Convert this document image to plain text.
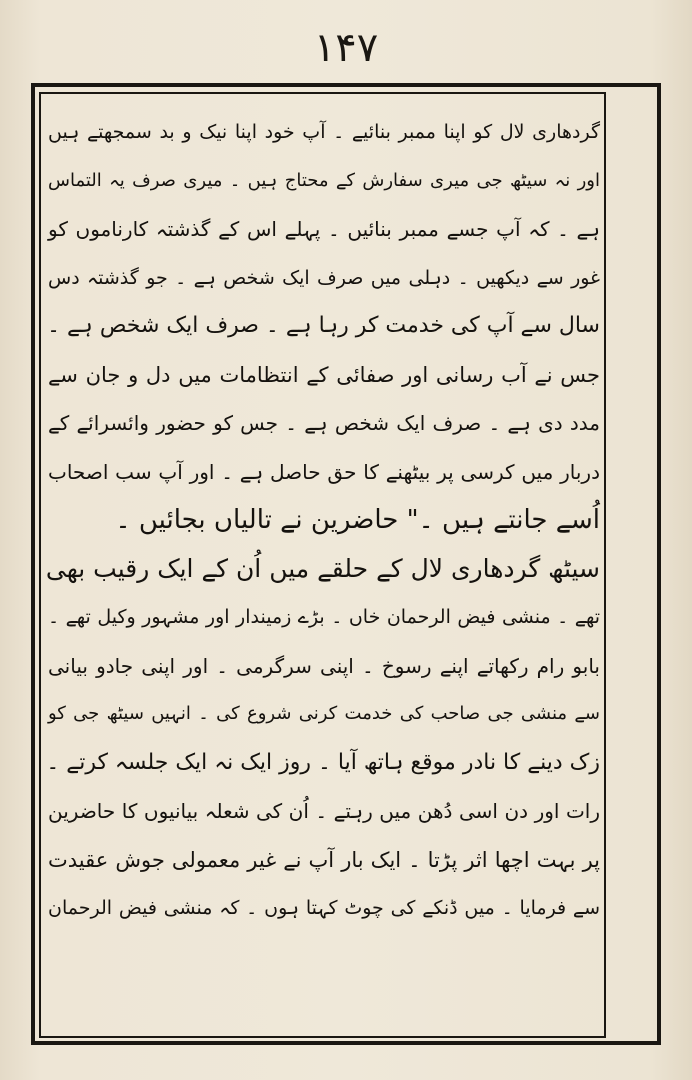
۱۴۷
گردھاری لال کو اپنا ممبر بنائیے ۔ آپ خود اپنا نیک و بد سمجھتے ہیں
اور نہ سیٹھ جی میری سفارش کے محتاج ہیں ۔ میری صرف یہ التماس
ہے ۔ کہ آپ جسے ممبر بنائیں ۔ پہلے اس کے گذشتہ کارناموں کو
غور سے دیکھیں ۔ دہلی میں صرف ایک شخص ہے ۔ جو گذشتہ دس
سال سے آپ کی خدمت کر رہا ہے ۔ صرف ایک شخص ہے ۔
جس نے آب رسانی اور صفائی کے انتظامات میں دل و جان سے
مدد دی ہے ۔ صرف ایک شخص ہے ۔ جس کو حضور وائسرائے کے
دربار میں کرسی پر بیٹھنے کا حق حاصل ہے ۔ اور آپ سب اصحاب
اُسے جانتے ہیں ۔" حاضرین نے تالیاں بجائیں ۔
سیٹھ گردھاری لال کے حلقے میں اُن کے ایک رقیب بھی
تھے ۔ منشی فیض الرحمان خاں ۔ بڑے زمیندار اور مشہور وکیل تھے ۔
بابو رام رکھاتے اپنے رسوخ ۔ اپنی سرگرمی ۔ اور اپنی جادو بیانی
سے منشی جی صاحب کی خدمت کرنی شروع کی ۔ انہیں سیٹھ جی کو
زک دینے کا نادر موقع ہاتھ آیا ۔ روز ایک نہ ایک جلسہ کرتے ۔
رات اور دن اسی دُھن میں رہتے ۔ اُن کی شعلہ بیانیوں کا حاضرین
پر بہت اچھا اثر پڑتا ۔ ایک بار آپ نے غیر معمولی جوش عقیدت
سے فرمایا ۔ میں ڈنکے کی چوٹ کہتا ہوں ۔ کہ منشی فیض الرحمان
